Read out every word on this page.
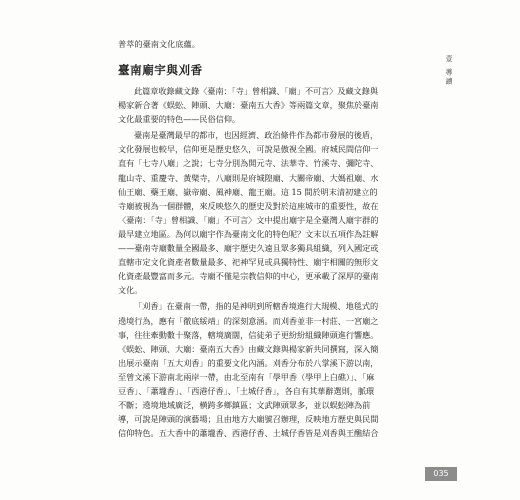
普萃的臺南文化底蘊。
臺南廟宇與刈香
此篇章收錄藏文錄〈臺南：「寺」曾相識、「廟」不可言〉及藏文錄與
楊家新合著《蜈蚣、陣頭、大廟：臺南五大香》等兩篇文章，聚焦於臺南
文化最重要的特色——民俗信仰。
臺南是臺灣最早的都市，也因經濟、政治條件作為都市發展的後盾，
文化發展也較早，信仰更是歷史悠久，可說是傲視全國。府城民間信仰一
直有「七寺八廟」之說；七寺分別為開元寺、法華寺、竹溪寺、彌陀寺、
龍山寺、重慶寺、黃檗寺，八廟則是府城隍廟、大關帝廟、大媽祖廟、水
仙王廟、藥王廟、嶽帝廟、風神廟、龍王廟。這 15 間於明末清初建立的
寺廟被視為一個群體，來反映悠久的歷史及對於這座城市的重要性，故在
〈臺南：「寺」曾相識、「廟」不可言〉文中提出廟宇是全臺灣人廟宇群的
最早建立地區。為何以廟宇作為臺南文化的特色呢？文末以五項作為註解
——臺南寺廟數量全國最多、廟宇歷史久遠且眾多獨具組織，列入國定或
直轄市定文化資產者數量最多、祀神罕見或具獨特性、廟宇相關的無形文
化資產最豐富而多元。寺廟不僅是宗教信仰的中心，更承載了深厚的臺南
文化。
「刈香」在臺南一帶，指的是神明到所轄香境進行大規模、地毯式的
遶境行為，應有「徹底綏靖」的深刻意涵。而刈香並非一村莊、一宮廟之
事，往往牽動數十聚落，轄境廣闊，信徒弟子更紛紛組織陣頭進行響應。
《蜈蚣、陣頭、大廟：臺南五大香》由藏文錄與楊家新共同撰寫，深入簡
出展示臺南「五大刈香」的重要文化內涵。刈香分布於八掌溪下游以南，
至曾文溪下游南北兩岸一帶，由北至南有「學甲香（學甲上白礁）」、「麻
豆香」、「蕭壠香」、「西港仔香」、「土城仔香」，各自有其華辭選則，脈環
不斷；遶境地域廣泛，横跨多鄉鎮區；文武陣頭眾多，並以蜈蚣陣為前
導，可說是陣頭的演藝場；且由地方大廟號召辦理，反映地方歷史與民間
信仰特色。五大香中的蕭壠香、西港仔香、土城仔香皆是刈香與王醮結合
壹 導讀
035
